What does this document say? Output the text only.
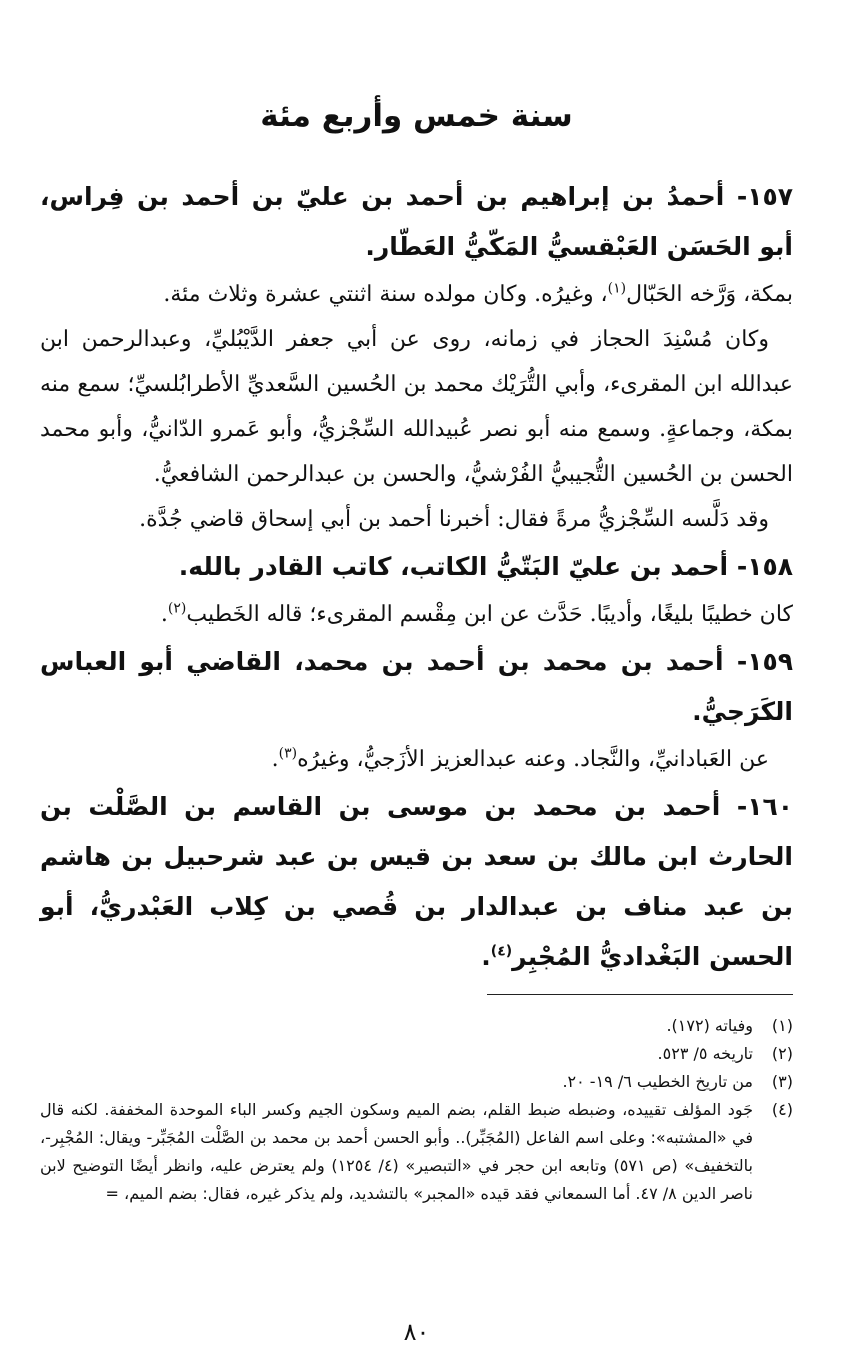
سنة خمس وأربع مئة

١٥٧- أحمدُ بن إبراهيم بن أحمد بن عليّ بن أحمد بن فِراس، أبو الحَسَن العَبْقسيُّ المَكّيُّ العَطّار.

بمكة، وَرَّخه الحَبّال$^{(١)}$، وغيرُه. وكان مولده سنة اثنتي عشرة وثلاث مئة.

وكان مُسْنِدَ الحجاز في زمانه، روى عن أبي جعفر الدَّيْبُليِّ، وعبدالرحمن ابن عبدالله ابن المقرىء، وأبي التُّرَيْك محمد بن الحُسين السَّعديِّ الأطرابُلسيِّ؛ سمع منه بمكة، وجماعةٍ. وسمع منه أبو نصر عُبيدالله السِّجْزيُّ، وأبو عَمرو الدّانيُّ، وأبو محمد الحسن بن الحُسين التُّجيبيُّ الفُرْشيُّ، والحسن بن عبدالرحمن الشافعيُّ.

وقد دَلَّسه السِّجْزيُّ مرةً فقال: أخبرنا أحمد بن أبي إسحاق قاضي جُدَّة.

١٥٨- أحمد بن عليّ البَتّيُّ الكاتب، كاتب القادر بالله.

كان خطيبًا بليغًا، وأديبًا. حَدَّث عن ابن مِقْسم المقرىء؛ قاله الخَطيب$^{(٢)}$.

١٥٩- أحمد بن محمد بن أحمد بن محمد، القاضي أبو العباس الكَرَجيُّ.

عن العَبادانيِّ، والنَّجاد. وعنه عبدالعزيز الأزَجيُّ، وغيرُه$^{(٣)}$.

١٦٠- أحمد بن محمد بن موسى بن القاسم بن الصَّلْت بن الحارث ابن مالك بن سعد بن قيس بن عبد شرحبيل بن هاشم بن عبد مناف بن عبدالدار بن قُصي بن كِلاب العَبْدريُّ، أبو الحسن البَغْداديُّ المُجْبِر$^{(٤)}$.

(١)
وفياته (١٧٢).

(٢)
تاريخه ٥/ ٥٢٣.

(٣)
من تاريخ الخطيب ٦/ ١٩- ٢٠.

(٤)
جَود المؤلف تقييده، وضبطه ضبط القلم، بضم الميم وسكون الجيم وكسر الباء الموحدة المخففة. لكنه قال في «المشتبه»: وعلى اسم الفاعل (المُجَبِّر).. وأبو الحسن أحمد بن محمد بن الصَّلْت المُجَبِّر- ويقال: المُجْبِر-، بالتخفيف» (ص ٥٧١) وتابعه ابن حجر في «التبصير» (٤/ ١٢٥٤) ولم يعترض عليه، وانظر أيضًا التوضيح لابن ناصر الدين ٨/ ٤٧. أما السمعاني فقد قيده «المجبر» بالتشديد، ولم يذكر غيره، فقال: بضم الميم، =

٨٠
